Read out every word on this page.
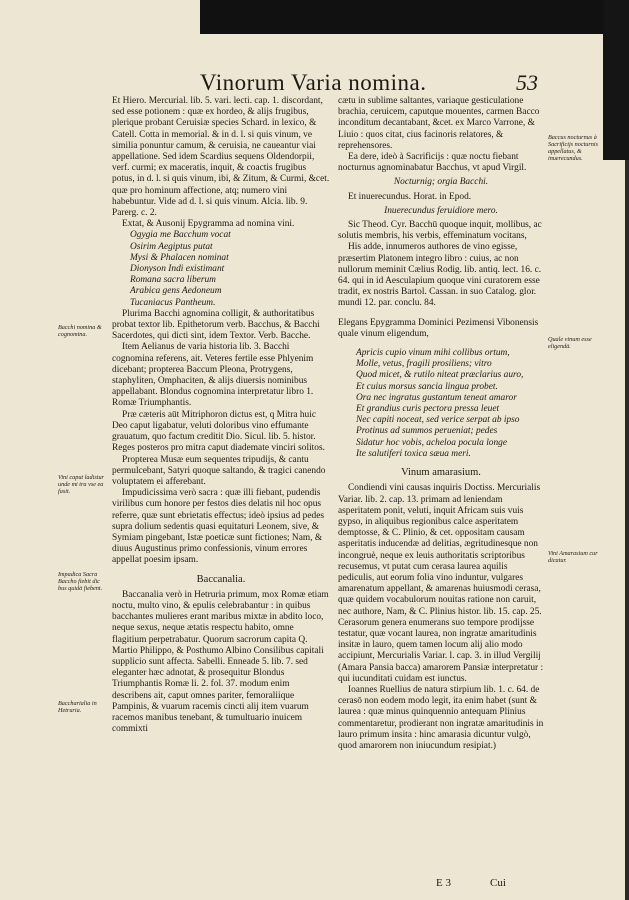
Vinorum Varia nomina.	53

Et Hiero. Mercurial. lib. 5. vari. lecti. cap. 1. discordant, sed esse potionem : quæ ex hordeo, & alijs frugibus, plerique probant Ceruisiæ species Schard. in lexico, & Catell. Cotta in memorial. & in d. l. si quis vinum, ve similia ponuntur camum, & ceruisia, ne caueantur viai appellatione. Sed idem Scardius sequens Oldendorpii, verf. curmi; ex maceratis, inquit, & coactis frugibus potus, in d. l. si quis vinum, ibi, & Zitum, & Curmi, &cet. quæ pro hominum affectione, atq; numero vini habebuntur. Vide ad d. l. si quis vinum. Alcia. lib. 9. Parerg. c. 2.

Extat, & Ausonij Epygramma ad nomina vini.

Ogygia me Bacchum vocat
Osirim Aegiptus putat
Mysi & Phalacen nominat
Dionyson Indi existimant
Romana sacra liberum
Arabica gens Aedoneum
Tucaniacus Pantheum.

Plurima Bacchi agnomina colligit, & authoritatibus probat textor lib. Epithetorum verb. Bacchus, & Bacchi Sacerdotes, qui dicti sint, idem Textor. Verb. Bacche.

Item Aelianus de varia historia lib. 3. Bacchi cognomina referens, ait. Veteres fertile esse Phlyenim dicebant; propterea Baccum Pleona, Protrygens, staphyliten, Omphaciten, & alijs diuersis nominibus appellabant. Blondus cognomina interpretatur libro 1. Romæ Triumphantis.

Præ cæteris aūt Mitriphoron dictus est, q Mitra huic Deo caput ligabatur, veluti doloribus vino effumante grauatum, quo factum creditit Dio. Sicul. lib. 5. histor. Reges posteros pro mitra caput diademate vinciri solitos.

Propterea Musæ eum sequentes tripudijs, & cantu permulcebant, Satyri quoque saltando, & tragici canendo voluptatem ei afferebant.

Impudicissima verò sacra : quæ illi fiebant, pudendis virilibus cum honore per festos dies delatis nil hoc opus referre, quæ sunt ebrietatis effectus; ideò ipsius ad pedes supra dolium sedentis quasi equitaturi Leonem, sive, & Symiam pingebant, Istæ poeticæ sunt fictiones; Nam, & diuus Augustinus primo confessionis, vinum errores appellat poesim ipsam.

Baccanalia.

Baccanalia verò in Hetruria primum, mox Romæ etiam noctu, multo vino, & epulis celebrabantur : in quibus bacchantes mulieres erant maribus mixtæ in abdito loco, neque sexus, neque ætatis respectu habito, omne flagitium perpetrabatur. Quorum sacrorum capita Q. Martio Philippo, & Posthumo Albino Consilibus capitali supplicio sunt affecta. Sabelli. Enneade 5. lib. 7. sed eleganter hæc adnotat, & prosequitur Blondus Triumphantis Romæ li. 2. fol. 37. modum enim describens ait, caput omnes pariter, femoraliique Pampinis, & vuarum racemis cincti alij item vuarum racemos manibus tenebant, & tumultuario inuicem commixti

cætu in sublime saltantes, variaque gesticulatione brachia, ceruicem, caputque mouentes, carmen Bacco inconditum decantabant, &cet. ex Marco Varrone, & Liuio : quos citat, cius facinoris relatores, & reprehensores.

Ea dere, ideò à Sacrificijs : quæ noctu fiebant nocturnus agnominabatur Bacchus, vt apud Virgil.

Nocturnig; orgia Bacchi.

Et inuerecundus. Horat. in Epod.

Inuerecundus feruidiore mero.

Sic Theod. Cyr. Bacchū quoque inquit, mollibus, ac solutis membris, his verbis, effeminatum vocitans,

His adde, innumeros authores de vino egisse, præsertim Platonem integro libro : cuius, ac non nullorum meminit Cælius Rodig. lib. antiq. lect. 16. c. 64. qui in id Aesculapium quoque vini curatorem esse tradit, ex nostris Bartol. Cassan. in suo Catalog. glor. mundi 12. par. conclu. 84.

Elegans Epygramma Dominici Pezimensi Vibonensis quale vinum eligendum,

Apricis cupio vinum mihi collibus ortum,
Molle, vetus, fragili prosiliens; vitro
Quod micet, & rutilo niteat præclarius auro,
Et cuius morsus sancia lingua probet.
Ora nec ingratus gustantum teneat amaror
Et grandius curis pectora pressa leuet
Nec capiti noceat, sed verice serpat ab ipso
Protinus ad summos perueniat; pedes
Sidatur hoc vobis, acheloa pocula longe
Ite salutiferi toxica sæua meri.
Vinum amarasium.

Condiendi vini causas inquiris Doctiss. Mercurialis Variar. lib. 2. cap. 13. primam ad leniendam asperitatem ponit, veluti, inquit Africam suis vuis gypso, in aliquibus regionibus calce asperitatem demptosse, & C. Plinio, & cet. oppositam causam asperitatis inducendæ ad delitias, ægritudinesque non incongruè, neque ex leuis authoritatis scriptoribus recusemus, vt putat cum cerasa laurea aquilis pediculis, aut eorum folia vino induntur, vulgares amarenatum appellant, & amarenas huiusmodi cerasa, quæ quidem vocabulorum nouitas ratione non caruit, nec authore, Nam, & C. Plinius histor. lib. 15. cap. 25. Cerasorum genera enumerans suo tempore prodijsse testatur, quæ vocant laurea, non ingratæ amaritudinis insitæ in lauro, quem tamen locum alij alio modo accipiunt, Mercurialis Variar. l. cap. 3. in illud Vergilij (Amara Pansia bacca) amarorem Pansiæ interpretatur : qui iucunditati cuidam est iunctus.

Ioannes Ruellius de natura stirpium lib. 1. c. 64. de cerasō non eodem modo legit, ita enim habet (sunt & laurea : quæ minus quinquennio antequam Plinius commentaretur, prodierant non ingratæ amaritudinis in lauro primum insita : hinc amarasia dicuntur vulgò, quod amarorem non iniucundum resipiat.)

Bacchi nomina & cognomina.
Vini caput ladistur unde mi tra vse ea fasit.
Impadica Sacra Baccho fiebit dic bus quidā fiebent.
Baccharialia in Hetruria.
Baccus nocturnus à Sacrificijs nocturnis appellatus, & inuerecundus.
Quale vinum esse eligendā.
Vini Amarasium cur dicatur.
E 3	Cui
